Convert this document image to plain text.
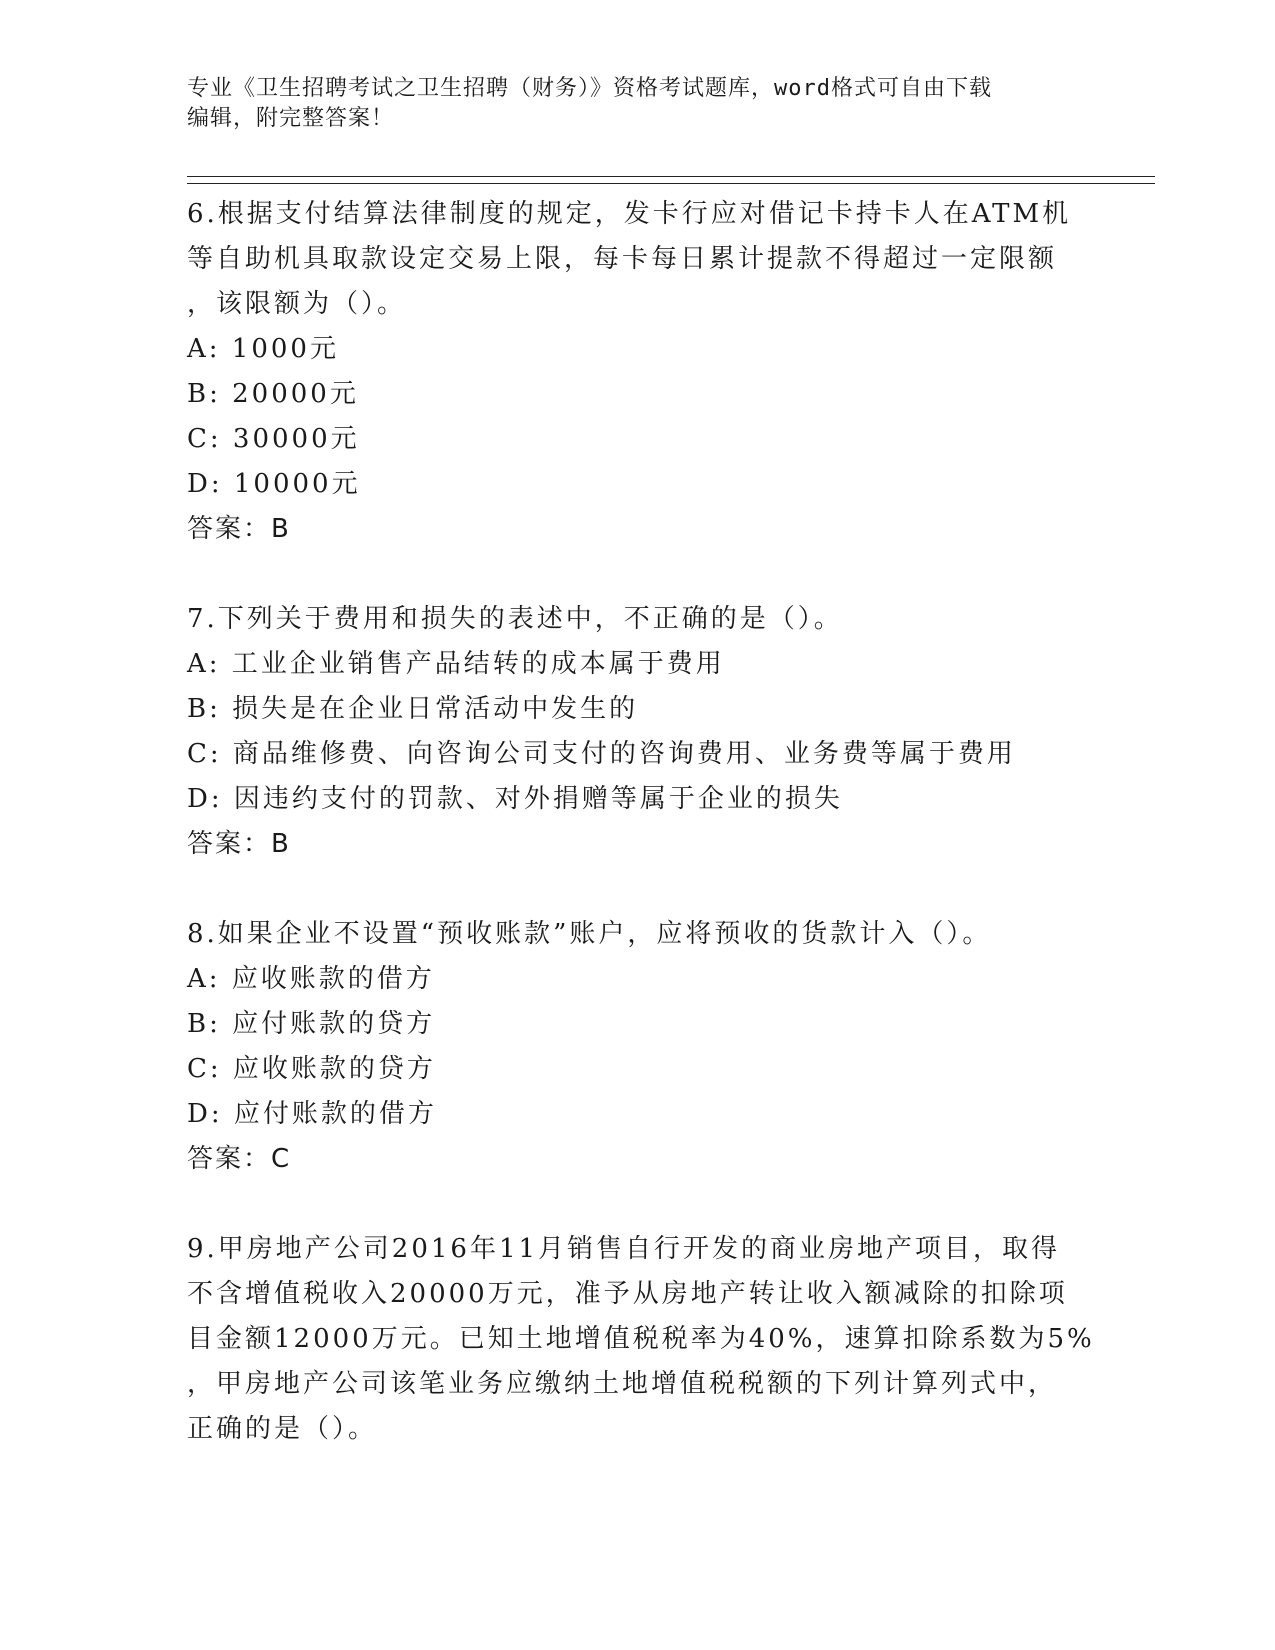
专业《卫生招聘考试之卫生招聘（财务）》资格考试题库，word格式可自由下载
编辑，附完整答案！
6.根据支付结算法律制度的规定，发卡行应对借记卡持卡人在ATM机
等自助机具取款设定交易上限，每卡每日累计提款不得超过一定限额
，该限额为（）。
A: 1000元
B: 20000元
C: 30000元
D: 10000元
答案：B
7.下列关于费用和损失的表述中，不正确的是（）。
A: 工业企业销售产品结转的成本属于费用
B: 损失是在企业日常活动中发生的
C: 商品维修费、向咨询公司支付的咨询费用、业务费等属于费用
D: 因违约支付的罚款、对外捐赠等属于企业的损失
答案：B
8.如果企业不设置“预收账款”账户，应将预收的货款计入（）。
A: 应收账款的借方
B: 应付账款的贷方
C: 应收账款的贷方
D: 应付账款的借方
答案：C
9.甲房地产公司2016年11月销售自行开发的商业房地产项目，取得
不含增值税收入20000万元，准予从房地产转让收入额减除的扣除项
目金额12000万元。已知土地增值税税率为40%，速算扣除系数为5%
，甲房地产公司该笔业务应缴纳土地增值税税额的下列计算列式中，
正确的是（）。
